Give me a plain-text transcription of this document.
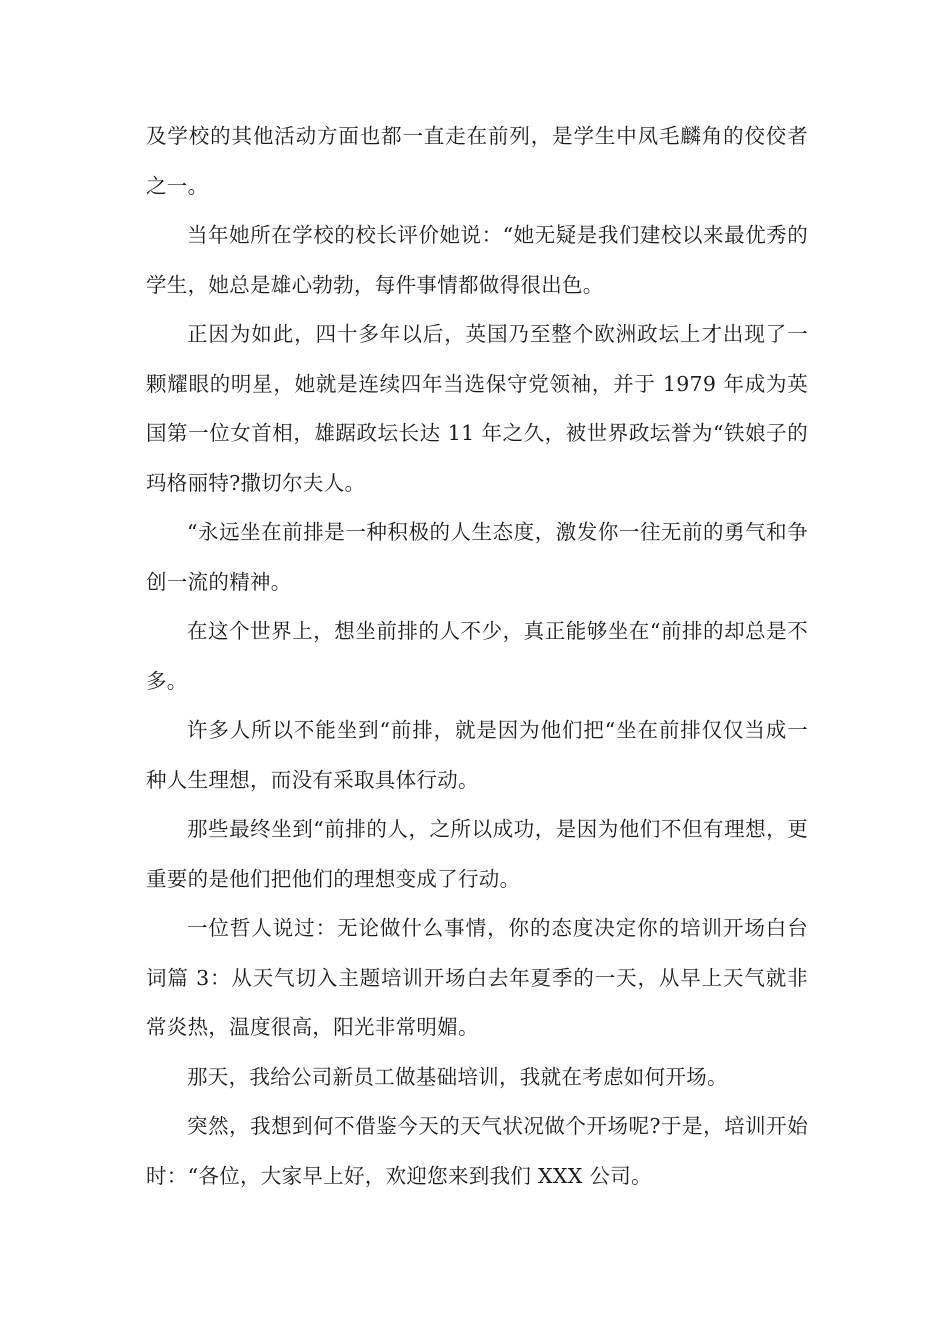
及学校的其他活动方面也都一直走在前列，是学生中凤毛麟角的佼佼者之一。

当年她所在学校的校长评价她说：“她无疑是我们建校以来最优秀的学生，她总是雄心勃勃，每件事情都做得很出色。

正因为如此，四十多年以后，英国乃至整个欧洲政坛上才出现了一颗耀眼的明星，她就是连续四年当选保守党领袖，并于 1979 年成为英国第一位女首相，雄踞政坛长达 11 年之久，被世界政坛誉为“铁娘子的玛格丽特?撒切尔夫人。

“永远坐在前排是一种积极的人生态度，激发你一往无前的勇气和争创一流的精神。

在这个世界上，想坐前排的人不少，真正能够坐在“前排的却总是不多。

许多人所以不能坐到“前排，就是因为他们把“坐在前排仅仅当成一种人生理想，而没有采取具体行动。

那些最终坐到“前排的人，之所以成功，是因为他们不但有理想，更重要的是他们把他们的理想变成了行动。

一位哲人说过：无论做什么事情，你的态度决定你的培训开场白台词篇 3：从天气切入主题培训开场白去年夏季的一天，从早上天气就非常炎热，温度很高，阳光非常明媚。

那天，我给公司新员工做基础培训，我就在考虑如何开场。

突然，我想到何不借鉴今天的天气状况做个开场呢?于是，培训开始时：“各位，大家早上好，欢迎您来到我们 XXX 公司。
